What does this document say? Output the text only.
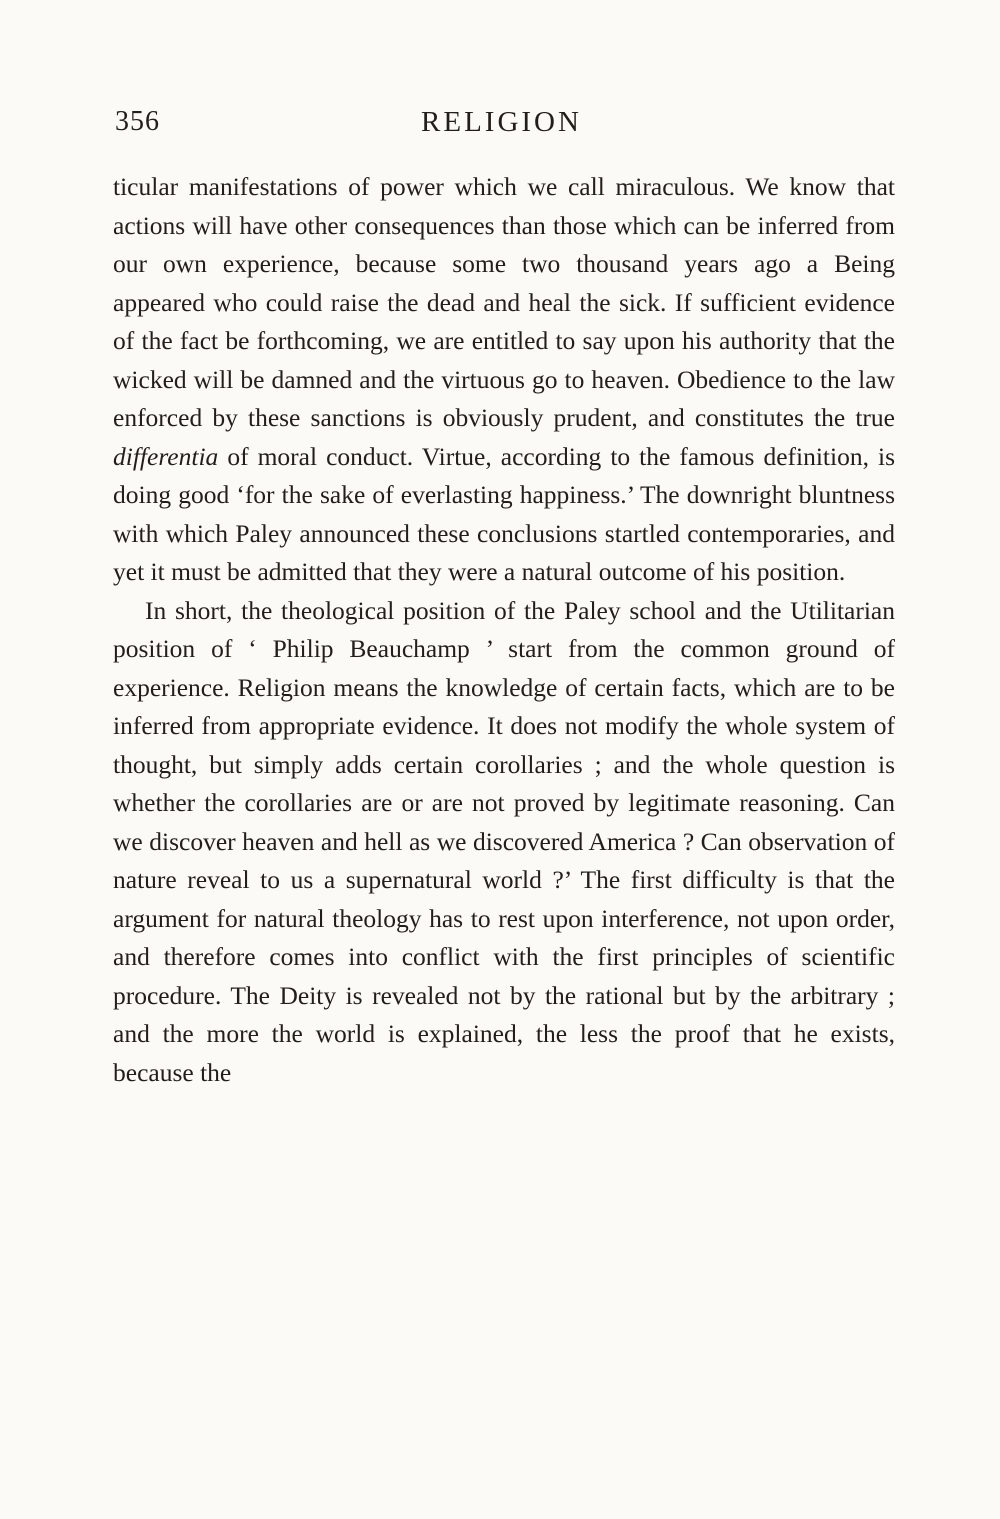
356	RELIGION

ticular manifestations of power which we call miraculous. We know that actions will have other consequences than those which can be inferred from our own experience, because some two thousand years ago a Being appeared who could raise the dead and heal the sick. If sufficient evidence of the fact be forthcoming, we are entitled to say upon his authority that the wicked will be damned and the virtuous go to heaven. Obedience to the law enforced by these sanctions is obviously prudent, and constitutes the true differentia of moral conduct. Virtue, according to the famous definition, is doing good ‘for the sake of everlasting happiness.’ The downright bluntness with which Paley announced these conclusions startled contemporaries, and yet it must be admitted that they were a natural outcome of his position.

In short, the theological position of the Paley school and the Utilitarian position of ‘ Philip Beauchamp ’ start from the common ground of experience. Religion means the knowledge of certain facts, which are to be inferred from appropriate evidence. It does not modify the whole system of thought, but simply adds certain corollaries ; and the whole question is whether the corollaries are or are not proved by legitimate reasoning. Can we discover heaven and hell as we discovered America ? Can observation of nature reveal to us a supernatural world ?’ The first difficulty is that the argument for natural theology has to rest upon interference, not upon order, and therefore comes into conflict with the first principles of scientific procedure. The Deity is revealed not by the rational but by the arbitrary ; and the more the world is explained, the less the proof that he exists, because the
